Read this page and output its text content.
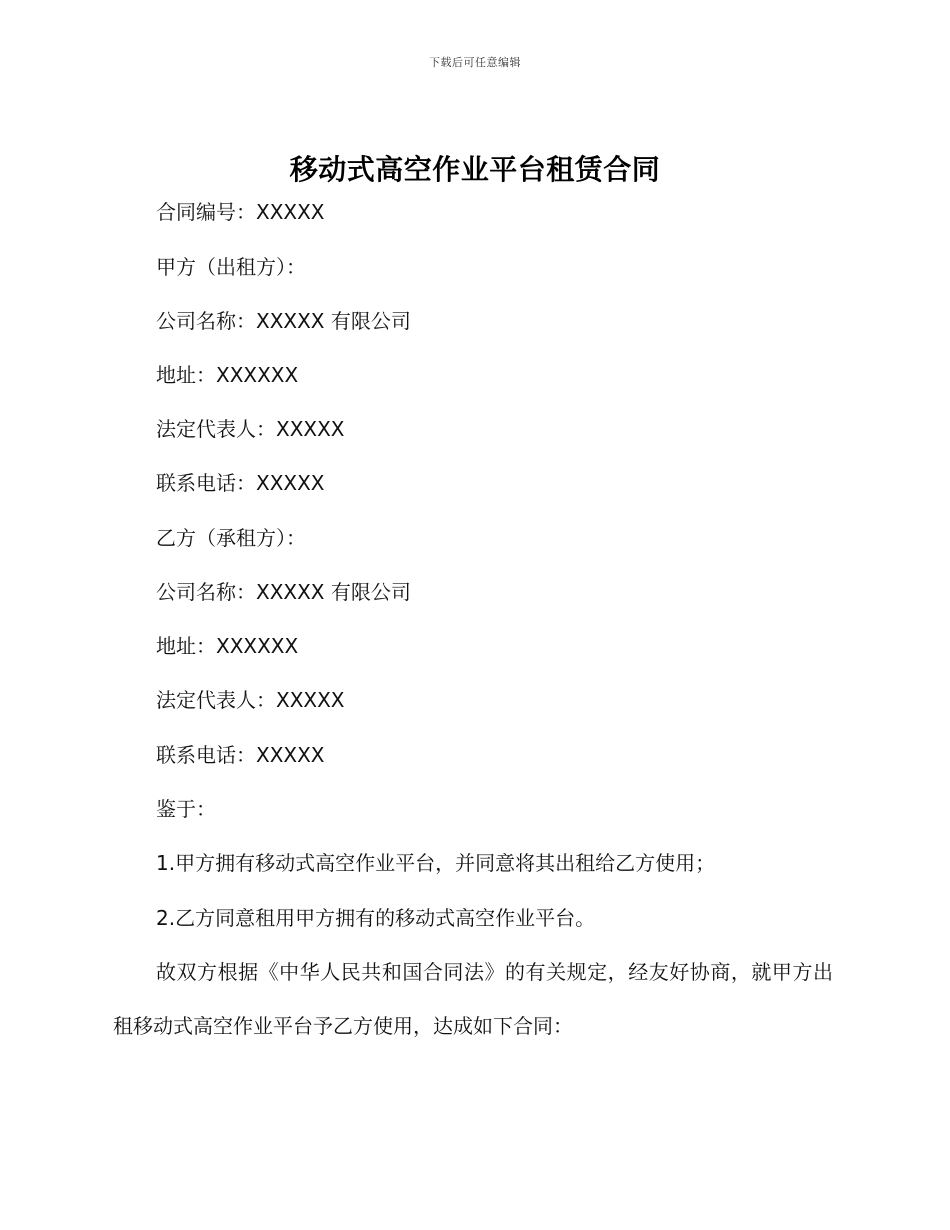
下载后可任意编辑
移动式高空作业平台租赁合同
合同编号：XXXXX
甲方（出租方）：
公司名称：XXXXX 有限公司
地址：XXXXXX
法定代表人：XXXXX
联系电话：XXXXX
乙方（承租方）：
公司名称：XXXXX 有限公司
地址：XXXXXX
法定代表人：XXXXX
联系电话：XXXXX
鉴于：
1.甲方拥有移动式高空作业平台，并同意将其出租给乙方使用；
2.乙方同意租用甲方拥有的移动式高空作业平台。
故双方根据《中华人民共和国合同法》的有关规定，经友好协商，就甲方出租移动式高空作业平台予乙方使用，达成如下合同：
